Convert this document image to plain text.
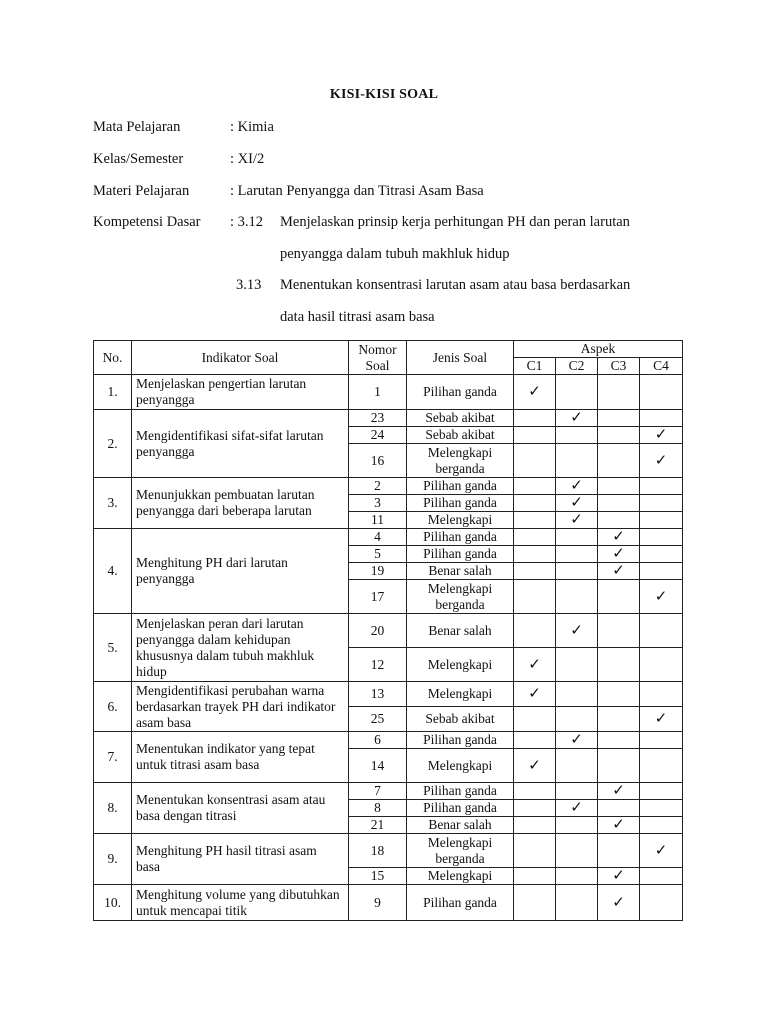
KISI-KISI SOAL
Mata Pelajaran	: Kimia
Kelas/Semester	: XI/2
Materi Pelajaran	: Larutan Penyangga dan Titrasi Asam Basa
Kompetensi Dasar : 3.12 Menjelaskan prinsip kerja perhitungan PH dan peran larutan
penyangga dalam tubuh makhluk hidup
3.13 Menentukan konsentrasi larutan asam atau basa berdasarkan
data hasil titrasi asam basa
No.	Indikator Soal	Nomor Soal	Jenis Soal	Aspek			
				C1	C2	C3	C4
1.	Menjelaskan pengertian larutan penyangga	1	Pilihan ganda	✓			
2.	Mengidentifikasi sifat-sifat larutan penyangga	23	Sebab akibat		✓		
		24	Sebab akibat				✓
		16	Melengkapi berganda				✓
3.	Menunjukkan pembuatan larutan penyangga dari beberapa larutan	2	Pilihan ganda		✓		
		3	Pilihan ganda		✓		
		11	Melengkapi		✓		
4.	Menghitung PH dari larutan penyangga	4	Pilihan ganda			✓	
		5	Pilihan ganda			✓	
		19	Benar salah			✓	
		17	Melengkapi berganda				✓
5.	Menjelaskan peran dari larutan penyangga dalam kehidupan khususnya dalam tubuh makhluk hidup	20	Benar salah		✓		
		12	Melengkapi	✓			
6.	Mengidentifikasi perubahan warna berdasarkan trayek PH dari indikator asam basa	13	Melengkapi	✓			
		25	Sebab akibat				✓
7.	Menentukan indikator yang tepat untuk titrasi asam basa	6	Pilihan ganda		✓		
		14	Melengkapi	✓			
8.	Menentukan konsentrasi asam atau basa dengan titrasi	7	Pilihan ganda			✓	
		8	Pilihan ganda		✓		
		21	Benar salah			✓	
9.	Menghitung PH hasil titrasi asam basa	18	Melengkapi berganda				✓
		15	Melengkapi			✓	
10.	Menghitung volume yang dibutuhkan untuk mencapai titik	9	Pilihan ganda			✓	
